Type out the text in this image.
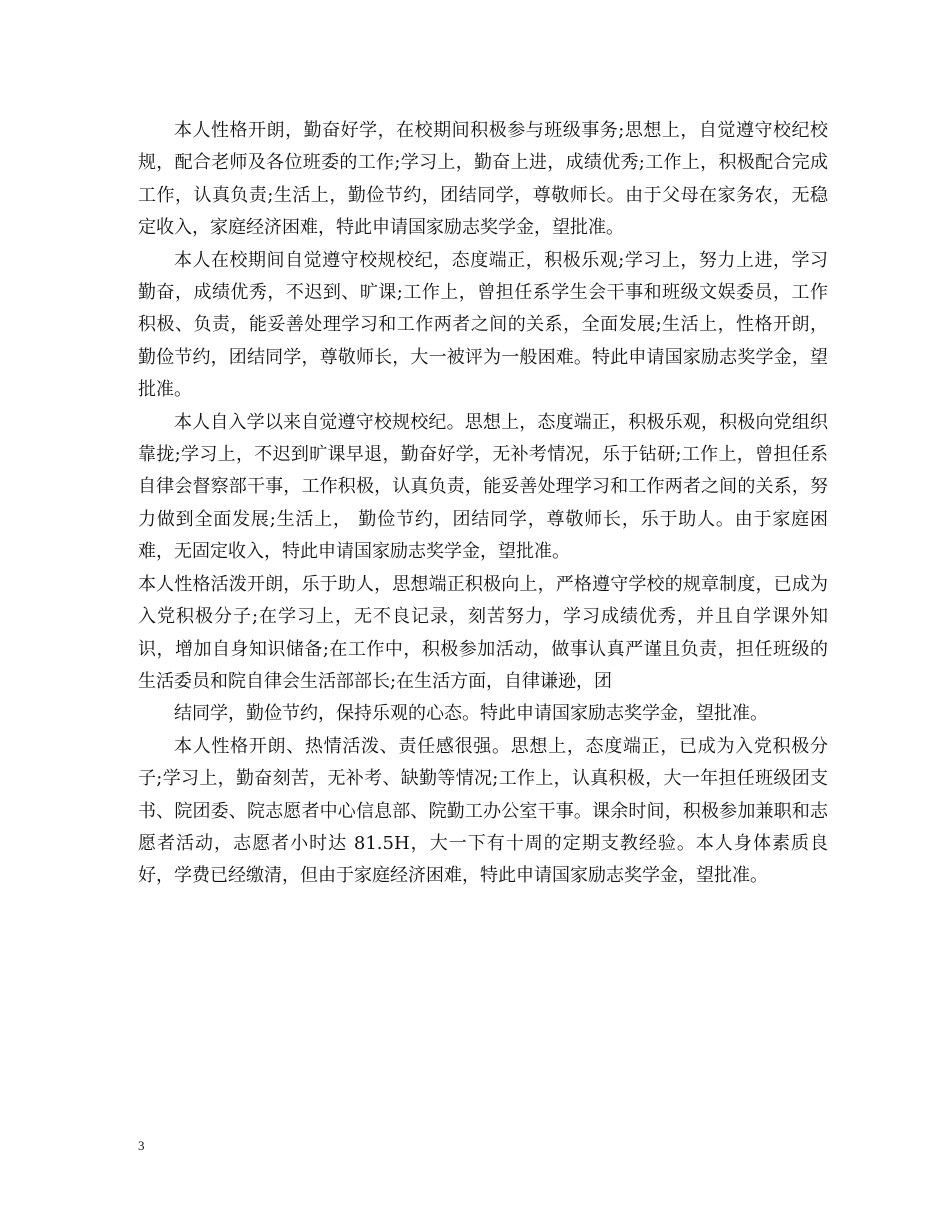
本人性格开朗，勤奋好学，在校期间积极参与班级事务;思想上，自觉遵守校纪校规，配合老师及各位班委的工作;学习上，勤奋上进，成绩优秀;工作上，积极配合完成工作，认真负责;生活上，勤俭节约，团结同学，尊敬师长。由于父母在家务农，无稳定收入，家庭经济困难，特此申请国家励志奖学金，望批准。

本人在校期间自觉遵守校规校纪，态度端正，积极乐观;学习上，努力上进，学习勤奋，成绩优秀，不迟到、旷课;工作上，曾担任系学生会干事和班级文娱委员，工作积极、负责，能妥善处理学习和工作两者之间的关系，全面发展;生活上，性格开朗，勤俭节约，团结同学，尊敬师长，大一被评为一般困难。特此申请国家励志奖学金，望批准。

本人自入学以来自觉遵守校规校纪。思想上，态度端正，积极乐观，积极向党组织靠拢;学习上，不迟到旷课早退，勤奋好学，无补考情况，乐于钻研;工作上，曾担任系自律会督察部干事，工作积极，认真负责，能妥善处理学习和工作两者之间的关系，努力做到全面发展;生活上， 勤俭节约，团结同学，尊敬师长，乐于助人。由于家庭困难，无固定收入，特此申请国家励志奖学金，望批准。

本人性格活泼开朗，乐于助人，思想端正积极向上，严格遵守学校的规章制度，已成为入党积极分子;在学习上，无不良记录，刻苦努力，学习成绩优秀，并且自学课外知识，增加自身知识储备;在工作中，积极参加活动，做事认真严谨且负责，担任班级的生活委员和院自律会生活部部长;在生活方面，自律谦逊，团

结同学，勤俭节约，保持乐观的心态。特此申请国家励志奖学金，望批准。

本人性格开朗、热情活泼、责任感很强。思想上，态度端正，已成为入党积极分子;学习上，勤奋刻苦，无补考、缺勤等情况;工作上，认真积极，大一年担任班级团支书、院团委、院志愿者中心信息部、院勤工办公室干事。课余时间，积极参加兼职和志愿者活动，志愿者小时达 81.5H，大一下有十周的定期支教经验。本人身体素质良好，学费已经缴清，但由于家庭经济困难，特此申请国家励志奖学金，望批准。

3
